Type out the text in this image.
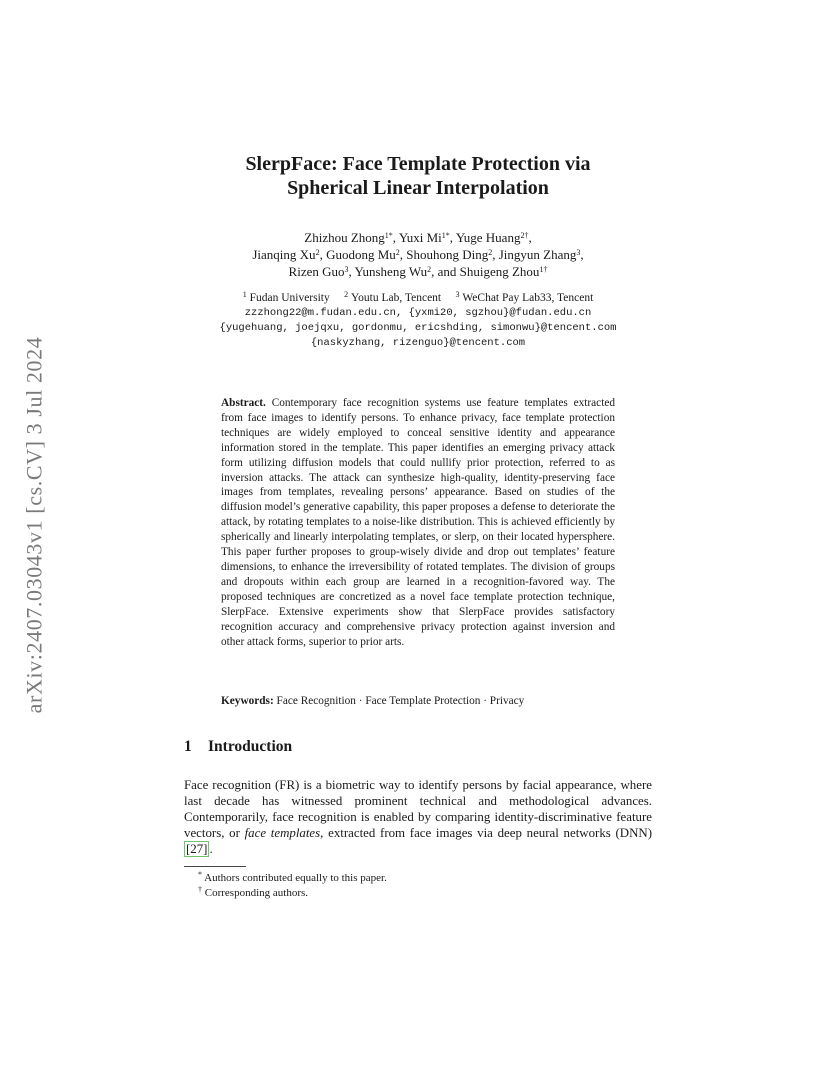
arXiv:2407.03043v1 [cs.CV] 3 Jul 2024
SlerpFace: Face Template Protection via
Spherical Linear Interpolation
Zhizhou Zhong$^{1*}$, Yuxi $Mi^{1*}$, Yuge Huang$^{2\dagger}$,
Jianqing Xu$^2$, Guodong Mu$^2$, Shouhong Ding$^2$, Jingyun Zhang$^3$,
Rizen Guo$^3$, Yunsheng Wu$^2$, and Shuigeng Zhou$^{1\dagger}$
$^1$ Fudan University $^2$ Youtu Lab, Tencent $^3$ WeChat Pay Lab33, Tencent
zzzhong22@m.fudan.edu.cn, {yxmi20, sgzhou}@fudan.edu.cn
{yugehuang, joejqxu, gordonmu, ericshding, simonwu}@tencent.com
{naskyzhang, rizenguo}@tencent.com
Abstract. Contemporary face recognition systems use feature templates extracted from face images to identify persons. To enhance privacy, face template protection techniques are widely employed to conceal sensitive identity and appearance information stored in the template. This paper identifies an emerging privacy attack form utilizing diffusion models that could nullify prior protection, referred to as inversion attacks. The attack can synthesize high-quality, identity-preserving face images from templates, revealing persons’ appearance. Based on studies of the diffusion model’s generative capability, this paper proposes a defense to deteriorate the attack, by rotating templates to a noise-like distribution. This is achieved efficiently by spherically and linearly interpolating templates, or slerp, on their located hypersphere. This paper further proposes to group-wisely divide and drop out templates’ feature dimensions, to enhance the irreversibility of rotated templates. The division of groups and dropouts within each group are learned in a recognition-favored way. The proposed techniques are concretized as a novel face template protection technique, SlerpFace. Extensive experiments show that SlerpFace provides satisfactory recognition accuracy and comprehensive privacy protection against inversion and other attack forms, superior to prior arts.
Keywords: Face Recognition · Face Template Protection · Privacy
1 Introduction
Face recognition (FR) is a biometric way to identify persons by facial appearance, where last decade has witnessed prominent technical and methodological advances. Contemporarily, face recognition is enabled by comparing identity-discriminative feature vectors, or face templates, extracted from face images via deep neural networks (DNN) [27] .
* Authors contributed equally to this paper.
† Corresponding authors.
